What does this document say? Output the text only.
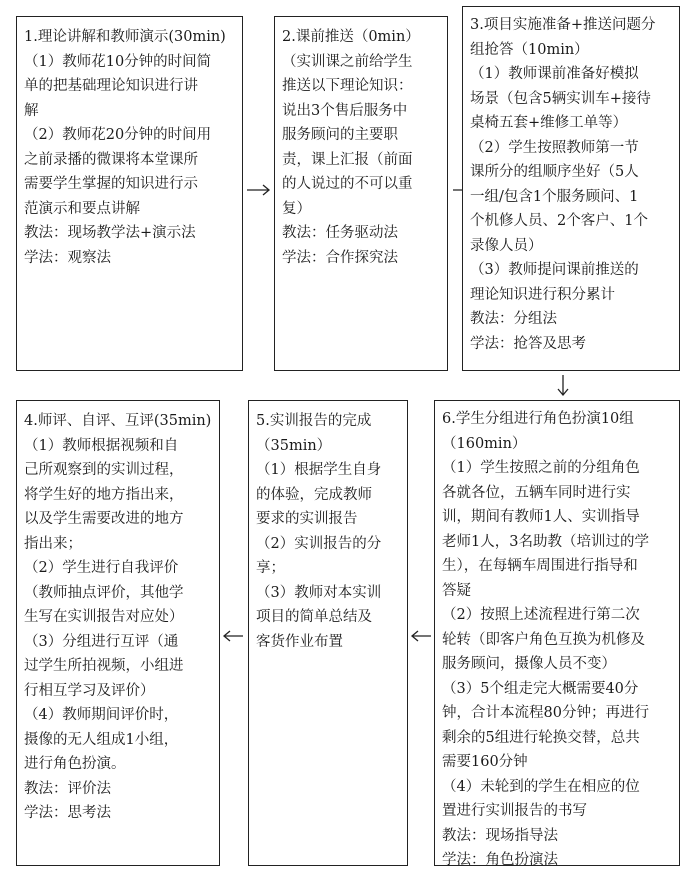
1.理论讲解和教师演示(30min)

（1）教师花10分钟的时间简

单的把基础理论知识进行讲

解

（2）教师花20分钟的时间用

之前录播的微课将本堂课所

需要学生掌握的知识进行示

范演示和要点讲解

教法：现场教学法+演示法

学法：观察法

2.课前推送（0min）

（实训课之前给学生

推送以下理论知识：

说出3个售后服务中

服务顾问的主要职

责，课上汇报（前面

的人说过的不可以重

复）

教法：任务驱动法

学法：合作探究法

3.项目实施准备+推送问题分

组抢答（10min）

（1）教师课前准备好模拟

场景（包含5辆实训车+接待

桌椅五套+维修工单等）

（2）学生按照教师第一节

课所分的组顺序坐好（5人

一组/包含1个服务顾问、1

个机修人员、2个客户、1个

录像人员）

（3）教师提问课前推送的

理论知识进行积分累计

教法：分组法

学法：抢答及思考

6.学生分组进行角色扮演10组

（160min）

（1）学生按照之前的分组角色

各就各位，五辆车同时进行实

训，期间有教师1人、实训指导

老师1人，3名助教（培训过的学

生），在每辆车周围进行指导和

答疑

（2）按照上述流程进行第二次

轮转（即客户角色互换为机修及

服务顾问，摄像人员不变）

（3）5个组走完大概需要40分

钟，合计本流程80分钟；再进行

剩余的5组进行轮换交替，总共

需要160分钟

（4）未轮到的学生在相应的位

置进行实训报告的书写

教法：现场指导法

学法：角色扮演法

5.实训报告的完成

（35min）

（1）根据学生自身

的体验，完成教师

要求的实训报告

（2）实训报告的分

享；

（3）教师对本实训

项目的简单总结及

客货作业布置

4.师评、自评、互评(35min)

（1）教师根据视频和自

己所观察到的实训过程，

将学生好的地方指出来，

以及学生需要改进的地方

指出来；

（2）学生进行自我评价

（教师抽点评价，其他学

生写在实训报告对应处）

（3）分组进行互评（通

过学生所拍视频，小组进

行相互学习及评价）

（4）教师期间评价时，

摄像的无人组成1小组，

进行角色扮演。

教法：评价法

学法：思考法
